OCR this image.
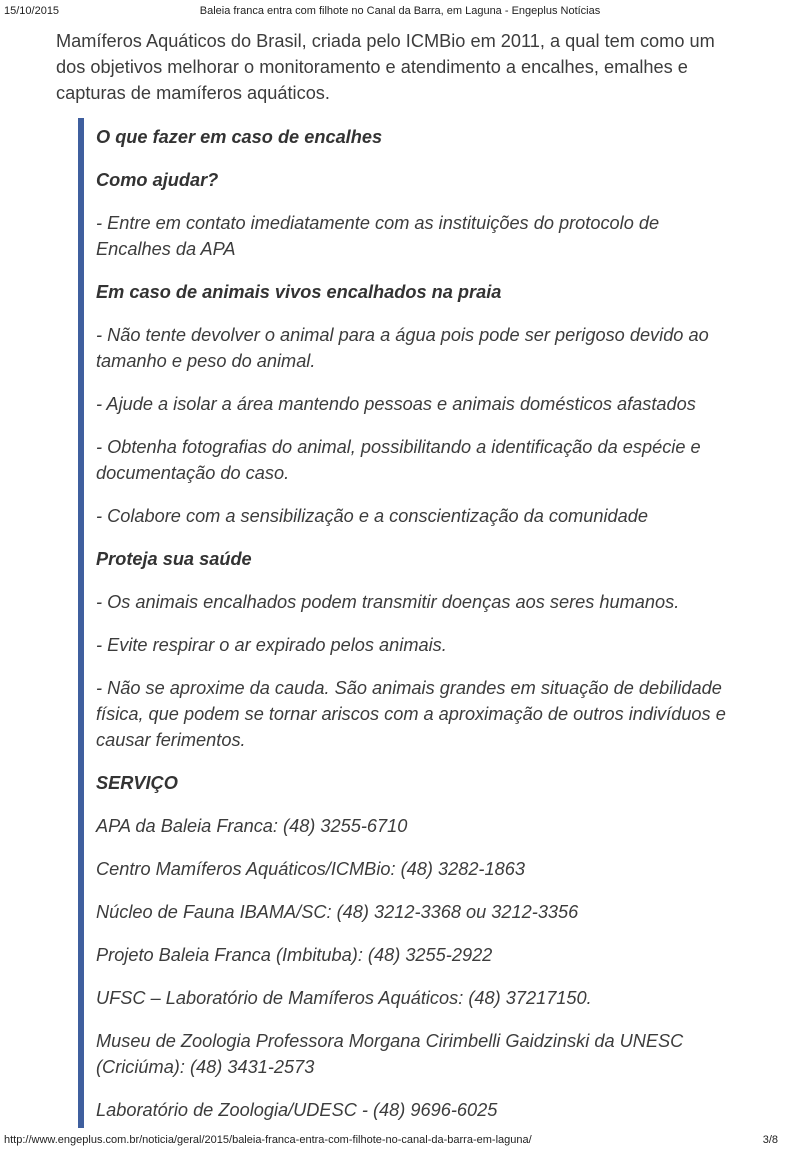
15/10/2015	Baleia franca entra com filhote no Canal da Barra, em Laguna - Engeplus Notícias

Mamíferos Aquáticos do Brasil, criada pelo ICMBio em 2011, a qual tem como um dos objetivos melhorar o monitoramento e atendimento a encalhes, emalhes e capturas de mamíferos aquáticos.

O que fazer em caso de encalhes

Como ajudar?

- Entre em contato imediatamente com as instituições do protocolo de Encalhes da APA

Em caso de animais vivos encalhados na praia

- Não tente devolver o animal para a água pois pode ser perigoso devido ao tamanho e peso do animal.

- Ajude a isolar a área mantendo pessoas e animais domésticos afastados

- Obtenha fotografias do animal, possibilitando a identificação da espécie e documentação do caso.

- Colabore com a sensibilização e a conscientização da comunidade

Proteja sua saúde

- Os animais encalhados podem transmitir doenças aos seres humanos.

- Evite respirar o ar expirado pelos animais.

- Não se aproxime da cauda. São animais grandes em situação de debilidade física, que podem se tornar ariscos com a aproximação de outros indivíduos e causar ferimentos.

SERVIÇO

APA da Baleia Franca: (48) 3255-6710

Centro Mamíferos Aquáticos/ICMBio: (48) 3282-1863

Núcleo de Fauna IBAMA/SC: (48) 3212-3368 ou 3212-3356

Projeto Baleia Franca (Imbituba): (48) 3255-2922

UFSC – Laboratório de Mamíferos Aquáticos: (48) 37217150.

Museu de Zoologia Professora Morgana Cirimbelli Gaidzinski da UNESC (Criciúma): (48) 3431-2573

Laboratório de Zoologia/UDESC - (48) 9696-6025

http://www.engeplus.com.br/noticia/geral/2015/baleia-franca-entra-com-filhote-no-canal-da-barra-em-laguna/	3/8
